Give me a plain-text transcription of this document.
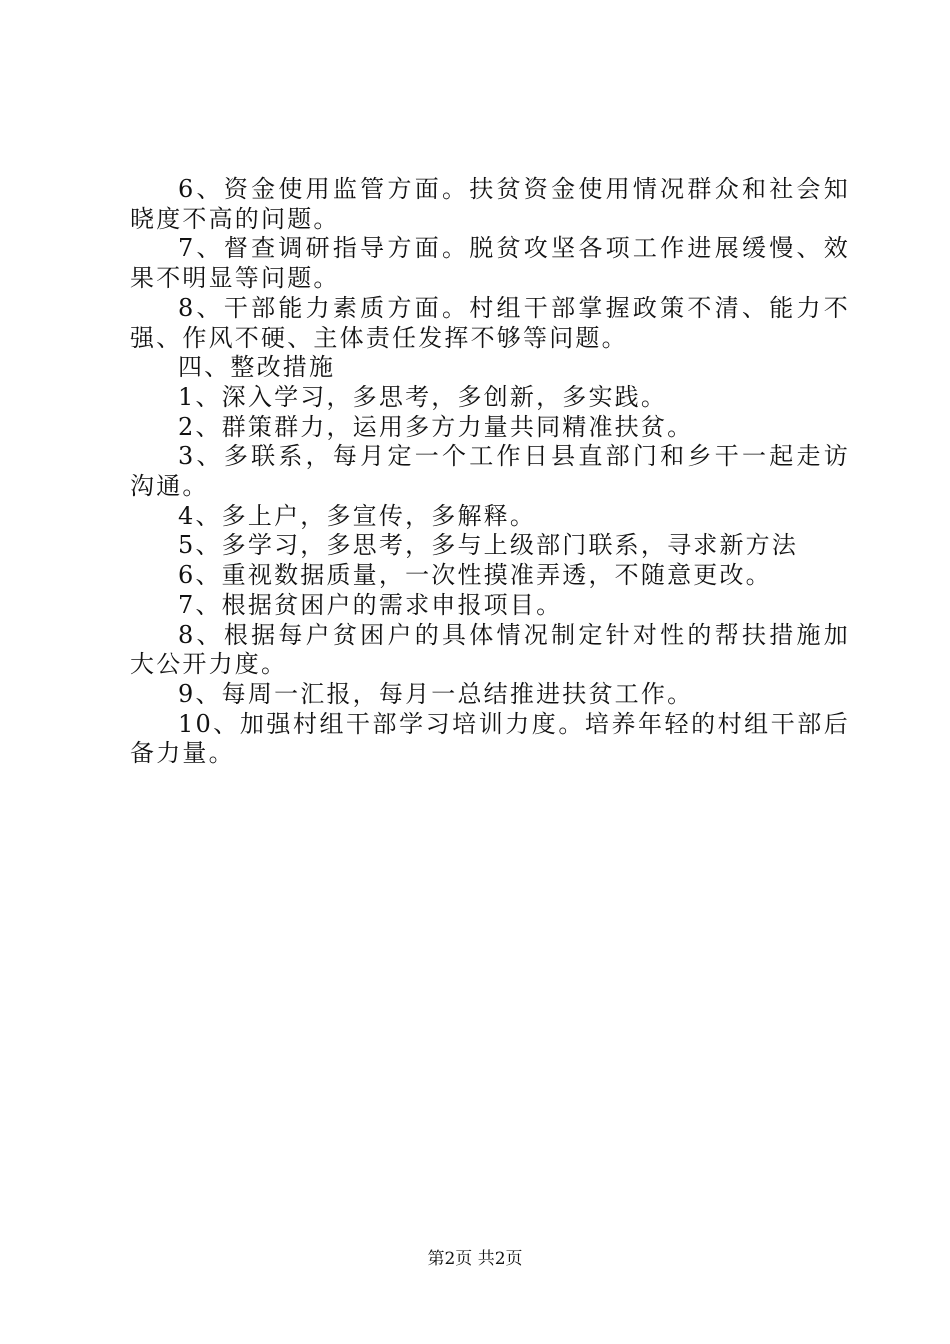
6、资金使用监管方面。扶贫资金使用情况群众和社会知晓度不高的问题。

7、督查调研指导方面。脱贫攻坚各项工作进展缓慢、效果不明显等问题。

8、干部能力素质方面。村组干部掌握政策不清、能力不强、作风不硬、主体责任发挥不够等问题。

四、整改措施

1、深入学习，多思考，多创新，多实践。

2、群策群力，运用多方力量共同精准扶贫。

3、多联系，每月定一个工作日县直部门和乡干一起走访沟通。

4、多上户，多宣传，多解释。

5、多学习，多思考，多与上级部门联系，寻求新方法

6、重视数据质量，一次性摸准弄透，不随意更改。

7、根据贫困户的需求申报项目。

8、根据每户贫困户的具体情况制定针对性的帮扶措施加大公开力度。

9、每周一汇报，每月一总结推进扶贫工作。

10、加强村组干部学习培训力度。培养年轻的村组干部后备力量。

第2页 共2页
